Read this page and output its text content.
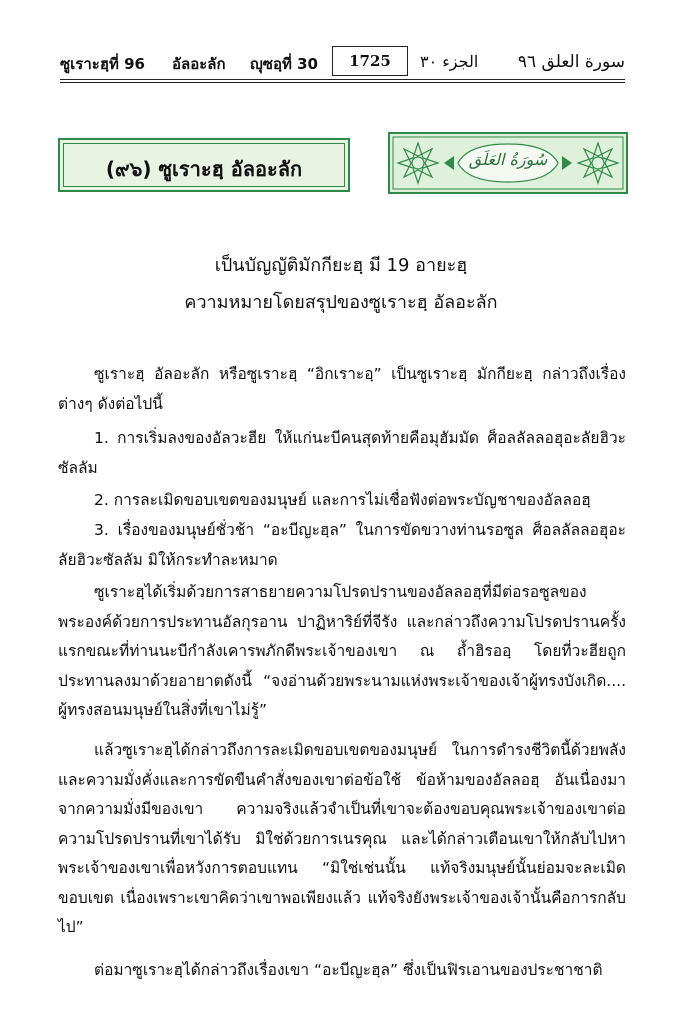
ซูเราะฮฺที่ 96 อัลอะลัก ญุซอฺที่ 30	1725	الجزء ٣٠ سورة العلق ٩٦
(๙๖) ซูเราะฮฺ อัลอะลัก	سُورَةُ العَلَق
เป็นบัญญัติมักกียะฮฺ มี 19 อายะฮฺ
ความหมายโดยสรุปของซูเราะฮฺ อัลอะลัก
ซูเราะฮฺ อัลอะลัก หรือซูเราะฮฺ “อิกเราะอฺ” เป็นซูเราะฮฺ มักกียะฮฺ กล่าวถึงเรื่องต่างๆ ดังต่อไปนี้
1. การเริ่มลงของอัลวะฮีย ให้แก่นะบีคนสุดท้ายคือมุฮัมมัด ศ็อลลัลลอฮุอะลัยฮิวะซัลลัม
2. การละเมิดขอบเขตของมนุษย์ และการไม่เชื่อฟังต่อพระบัญชาของอัลลอฮฺ
3. เรื่องของมนุษย์ชั่วช้า “อะบีญะฮฺล” ในการขัดขวางท่านรอซูล ศ็อลลัลลอฮุอะลัยฮิวะซัลลัม มิให้กระทำละหมาด
ซูเราะฮฺได้เริ่มด้วยการสาธยายความโปรดปรานของอัลลอฮฺที่มีต่อรอซูลของพระองค์ด้วยการประทานอัลกุรอาน ปาฏิหาริย์ที่จีรัง และกล่าวถึงความโปรดปรานครั้งแรกขณะที่ท่านนะบีกำลังเคารพภักดีพระเจ้าของเขา ณ ถ้ำฮิรออฺ โดยที่วะฮียถูกประทานลงมาด้วยอายาตดังนี้ “จงอ่านด้วยพระนามแห่งพระเจ้าของเจ้าผู้ทรงบังเกิด.... ผู้ทรงสอนมนุษย์ในสิ่งที่เขาไม่รู้”
แล้วซูเราะฮฺได้กล่าวถึงการละเมิดขอบเขตของมนุษย์ ในการดำรงชีวิตนี้ด้วยพลังและความมั่งคั่งและการขัดขืนคำสั่งของเขาต่อข้อใช้ ข้อห้ามของอัลลอฮฺ อันเนื่องมาจากความมั่งมีของเขา ความจริงแล้วจำเป็นที่เขาจะต้องขอบคุณพระเจ้าของเขาต่อความโปรดปรานที่เขาได้รับ มิใช่ด้วยการเนรคุณ และได้กล่าวเตือนเขาให้กลับไปหาพระเจ้าของเขาเพื่อหวังการตอบแทน “มิใช่เช่นนั้น แท้จริงมนุษย์นั้นย่อมจะละเมิดขอบเขต เนื่องเพราะเขาคิดว่าเขาพอเพียงแล้ว แท้จริงยังพระเจ้าของเจ้านั้นคือการกลับไป”
ต่อมาซูเราะฮฺได้กล่าวถึงเรื่องเขา “อะบีญะฮฺล” ซึ่งเป็นฟิรเอานของประชาชาติ
